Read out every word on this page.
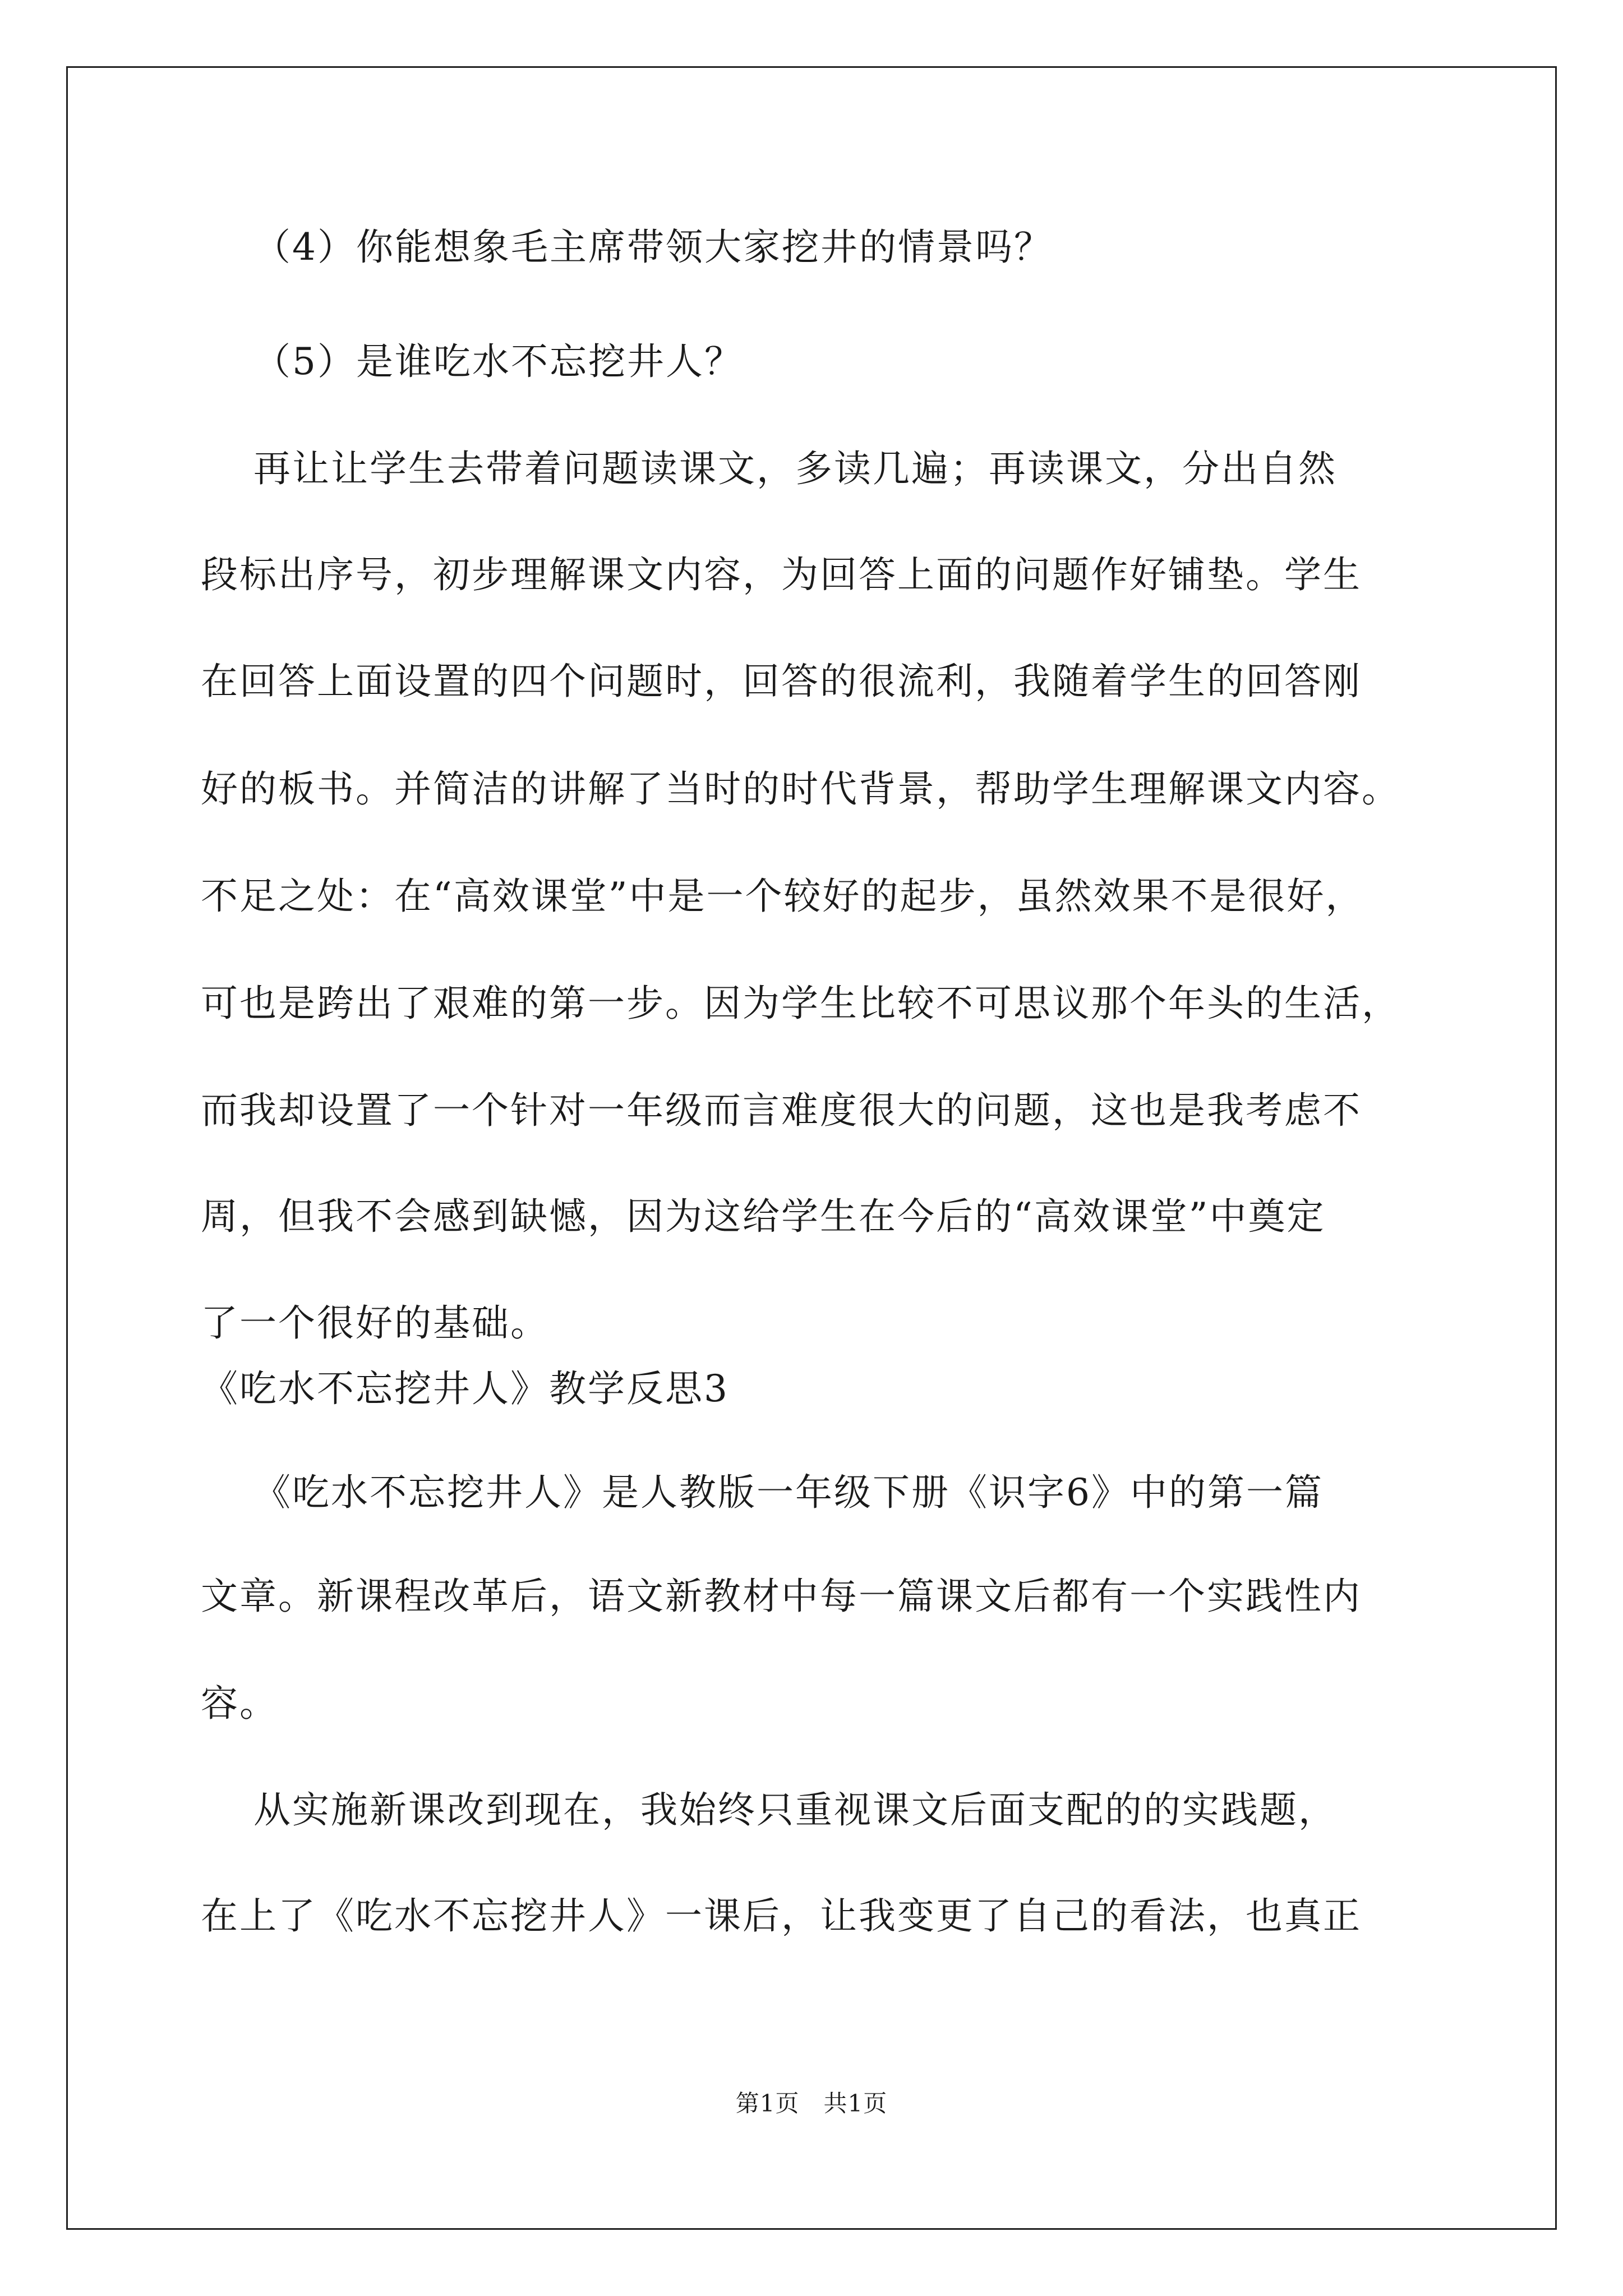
（4）你能想象毛主席带领大家挖井的情景吗？
（5）是谁吃水不忘挖井人？
再让让学生去带着问题读课文，多读几遍；再读课文，分出自然
段标出序号，初步理解课文内容，为回答上面的问题作好铺垫。学生
在回答上面设置的四个问题时，回答的很流利，我随着学生的回答刚
好的板书。并简洁的讲解了当时的时代背景，帮助学生理解课文内容。
不足之处：在“高效课堂”中是一个较好的起步，虽然效果不是很好，
可也是跨出了艰难的第一步。因为学生比较不可思议那个年头的生活，
而我却设置了一个针对一年级而言难度很大的问题，这也是我考虑不
周，但我不会感到缺憾，因为这给学生在今后的“高效课堂”中奠定
了一个很好的基础。
《吃水不忘挖井人》教学反思3
《吃水不忘挖井人》是人教版一年级下册《识字6》中的第一篇
文章。新课程改革后，语文新教材中每一篇课文后都有一个实践性内
容。
从实施新课改到现在，我始终只重视课文后面支配的的实践题，
在上了《吃水不忘挖井人》一课后，让我变更了自己的看法，也真正
第1页　共1页
